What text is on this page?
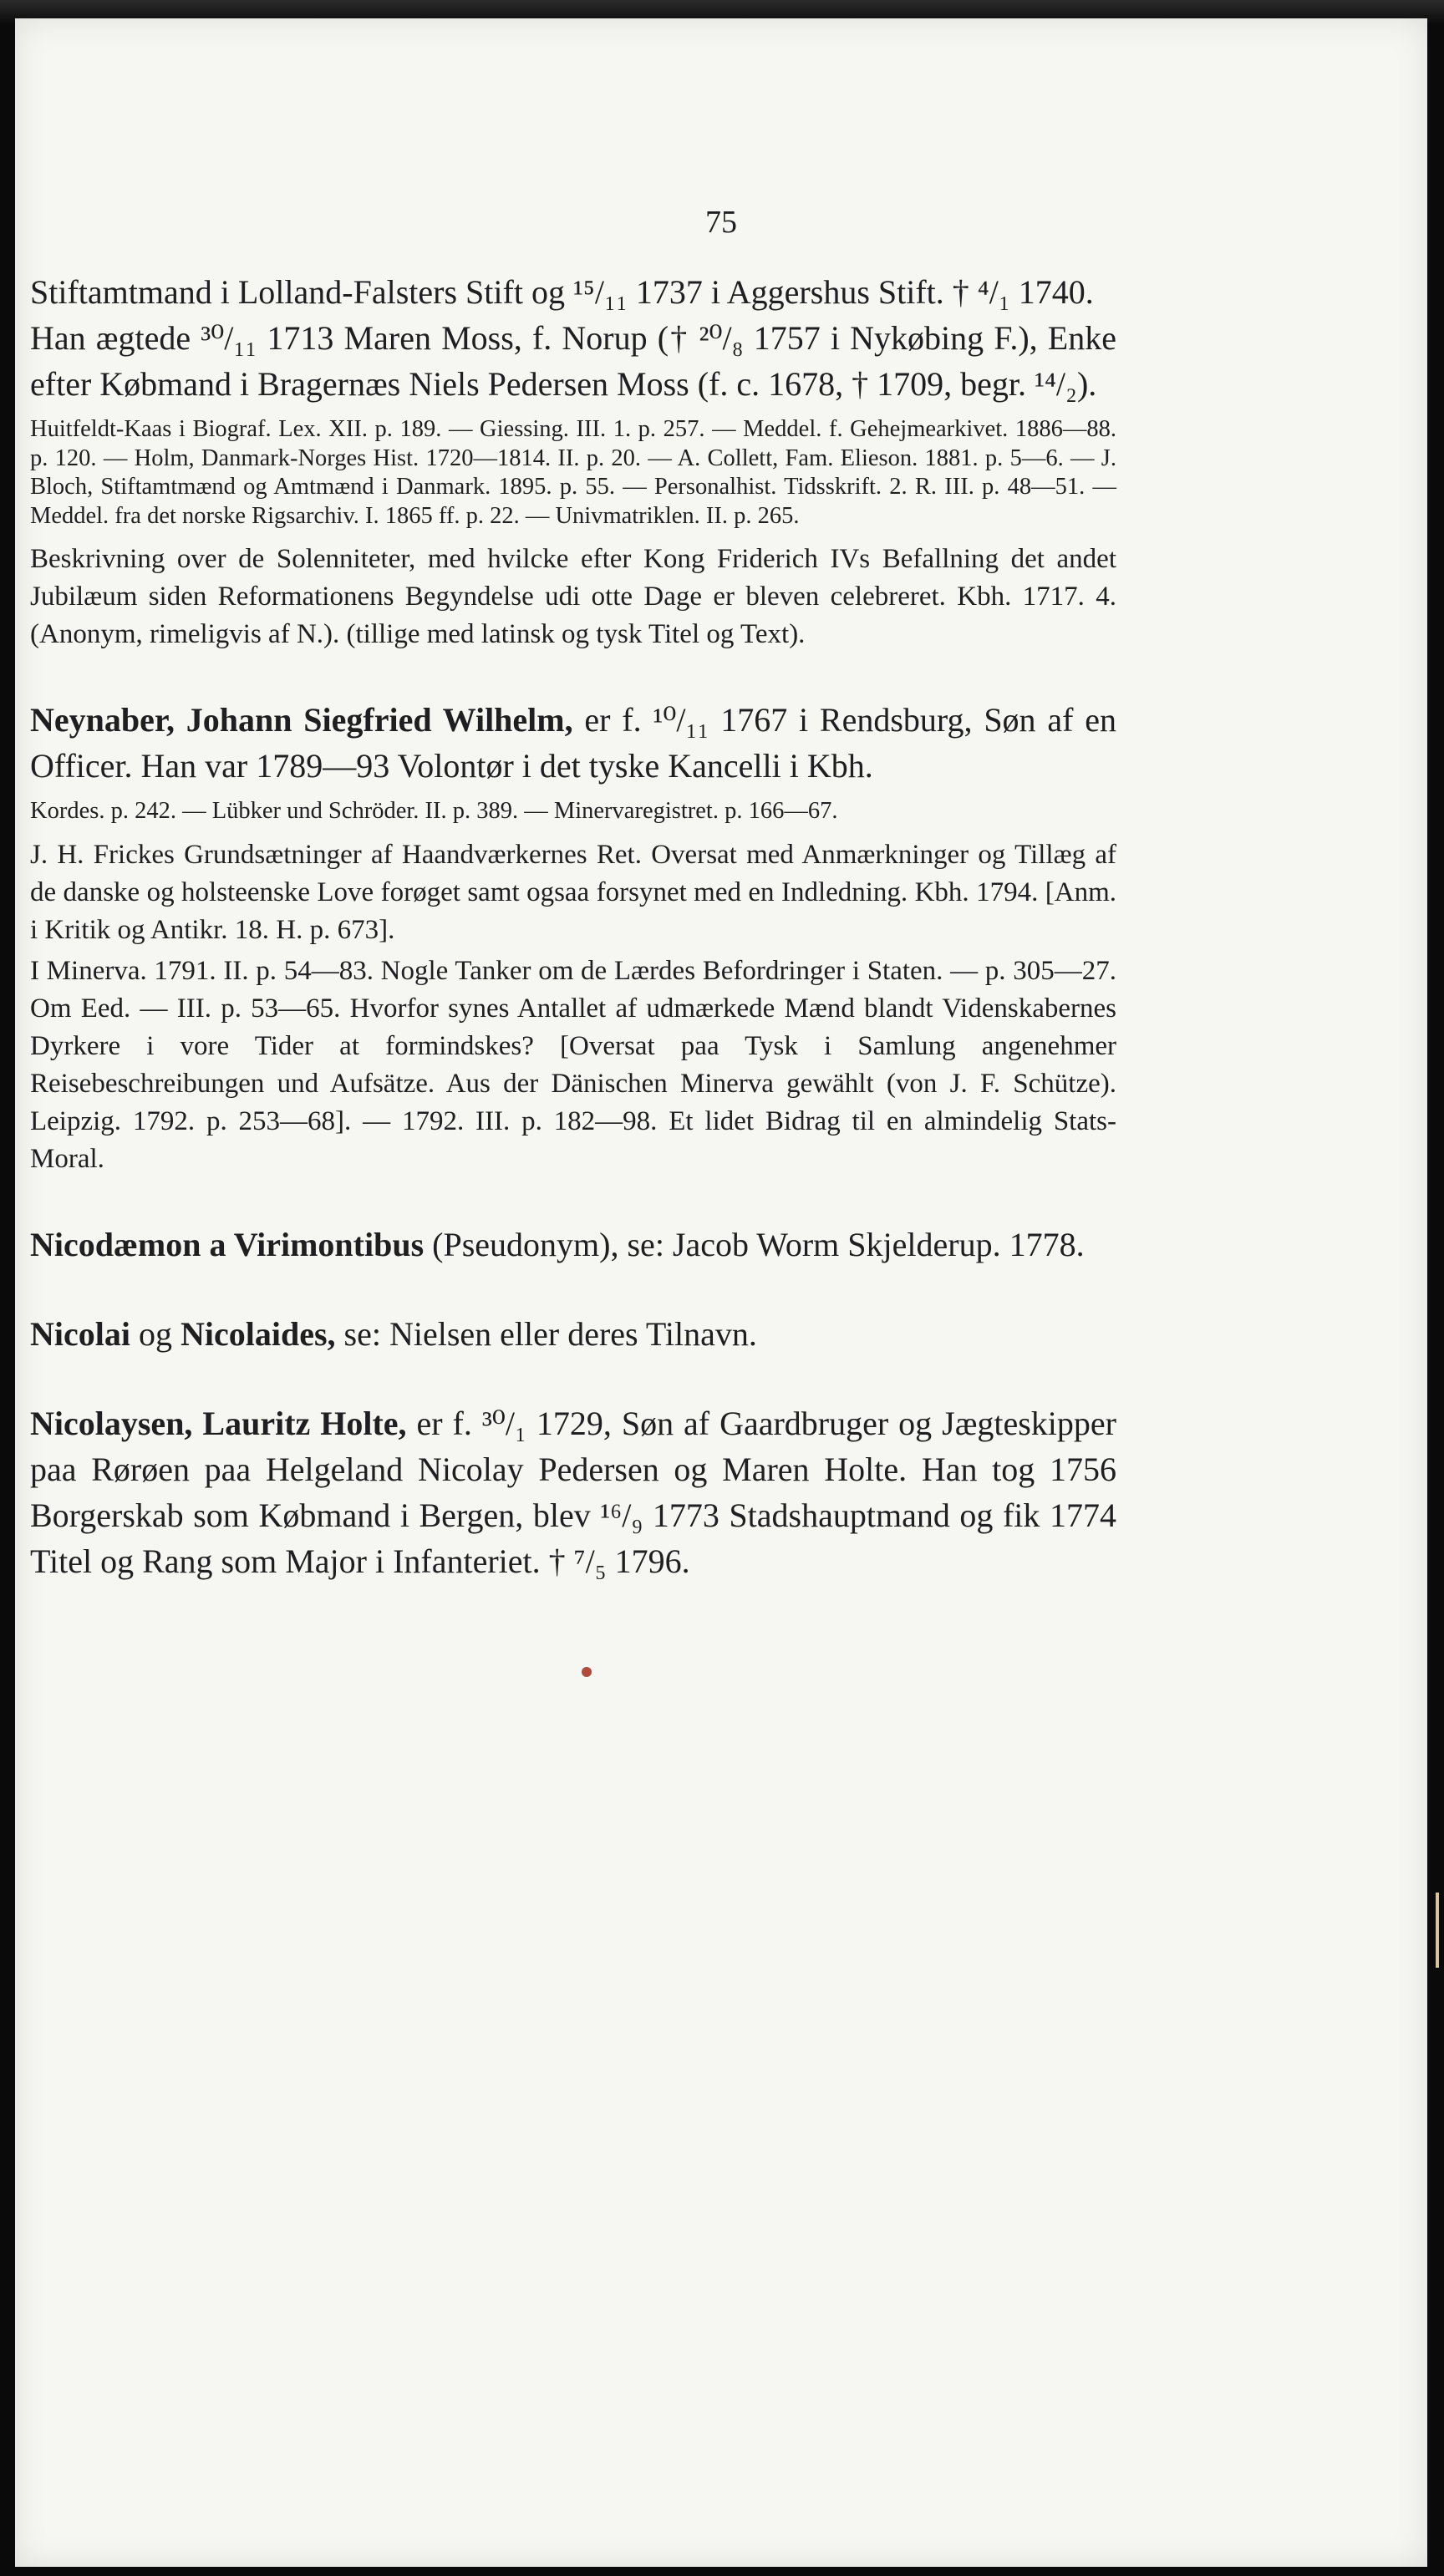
75

Stiftamtmand i Lolland-Falsters Stift og ¹⁵/₁₁ 1737 i Aggershus Stift. † ⁴/₁ 1740.

Han ægtede ³⁰/₁₁ 1713 Maren Moss, f. Norup († ²⁰/₈ 1757 i Nykøbing F.), Enke efter Købmand i Bragernæs Niels Pedersen Moss (f. c. 1678, † 1709, begr. ¹⁴/₂).

Huitfeldt-Kaas i Biograf. Lex. XII. p. 189. — Giessing. III. 1. p. 257. — Meddel. f. Gehejmearkivet. 1886—88. p. 120. — Holm, Danmark-Norges Hist. 1720—1814. II. p. 20. — A. Collett, Fam. Elieson. 1881. p. 5—6. — J. Bloch, Stiftamtmænd og Amtmænd i Danmark. 1895. p. 55. — Personalhist. Tidsskrift. 2. R. III. p. 48—51. — Meddel. fra det norske Rigsarchiv. I. 1865 ff. p. 22. — Univmatriklen. II. p. 265.

Beskrivning over de Solenniteter, med hvilcke efter Kong Friderich IVs Befallning det andet Jubilæum siden Reformationens Begyndelse udi otte Dage er bleven celebreret. Kbh. 1717. 4. (Anonym, rimeligvis af N.). (tillige med latinsk og tysk Titel og Text).

Neynaber, Johann Siegfried Wilhelm, er f. ¹⁰/₁₁ 1767 i Rendsburg, Søn af en Officer. Han var 1789—93 Volontør i det tyske Kancelli i Kbh.

Kordes. p. 242. — Lübker und Schröder. II. p. 389. — Minervaregistret. p. 166—67.

J. H. Frickes Grundsætninger af Haandværkernes Ret. Oversat med Anmærkninger og Tillæg af de danske og holsteenske Love forøget samt ogsaa forsynet med en Indledning. Kbh. 1794. [Anm. i Kritik og Antikr. 18. H. p. 673].

I Minerva. 1791. II. p. 54—83. Nogle Tanker om de Lærdes Befordringer i Staten. — p. 305—27. Om Eed. — III. p. 53—65. Hvorfor synes Antallet af udmærkede Mænd blandt Videnskabernes Dyrkere i vore Tider at formindskes? [Oversat paa Tysk i Samlung angenehmer Reisebeschreibungen und Aufsätze. Aus der Dänischen Minerva gewählt (von J. F. Schütze). Leipzig. 1792. p. 253—68]. — 1792. III. p. 182—98. Et lidet Bidrag til en almindelig Stats-Moral.

Nicodæmon a Virimontibus (Pseudonym), se: Jacob Worm Skjelderup. 1778.

Nicolai og Nicolaides, se: Nielsen eller deres Tilnavn.

Nicolaysen, Lauritz Holte, er f. ³⁰/₁ 1729, Søn af Gaardbruger og Jægteskipper paa Rørøen paa Helgeland Nicolay Pedersen og Maren Holte. Han tog 1756 Borgerskab som Købmand i Bergen, blev ¹⁶/₉ 1773 Stadshauptmand og fik 1774 Titel og Rang som Major i Infanteriet. † ⁷/₅ 1796.
